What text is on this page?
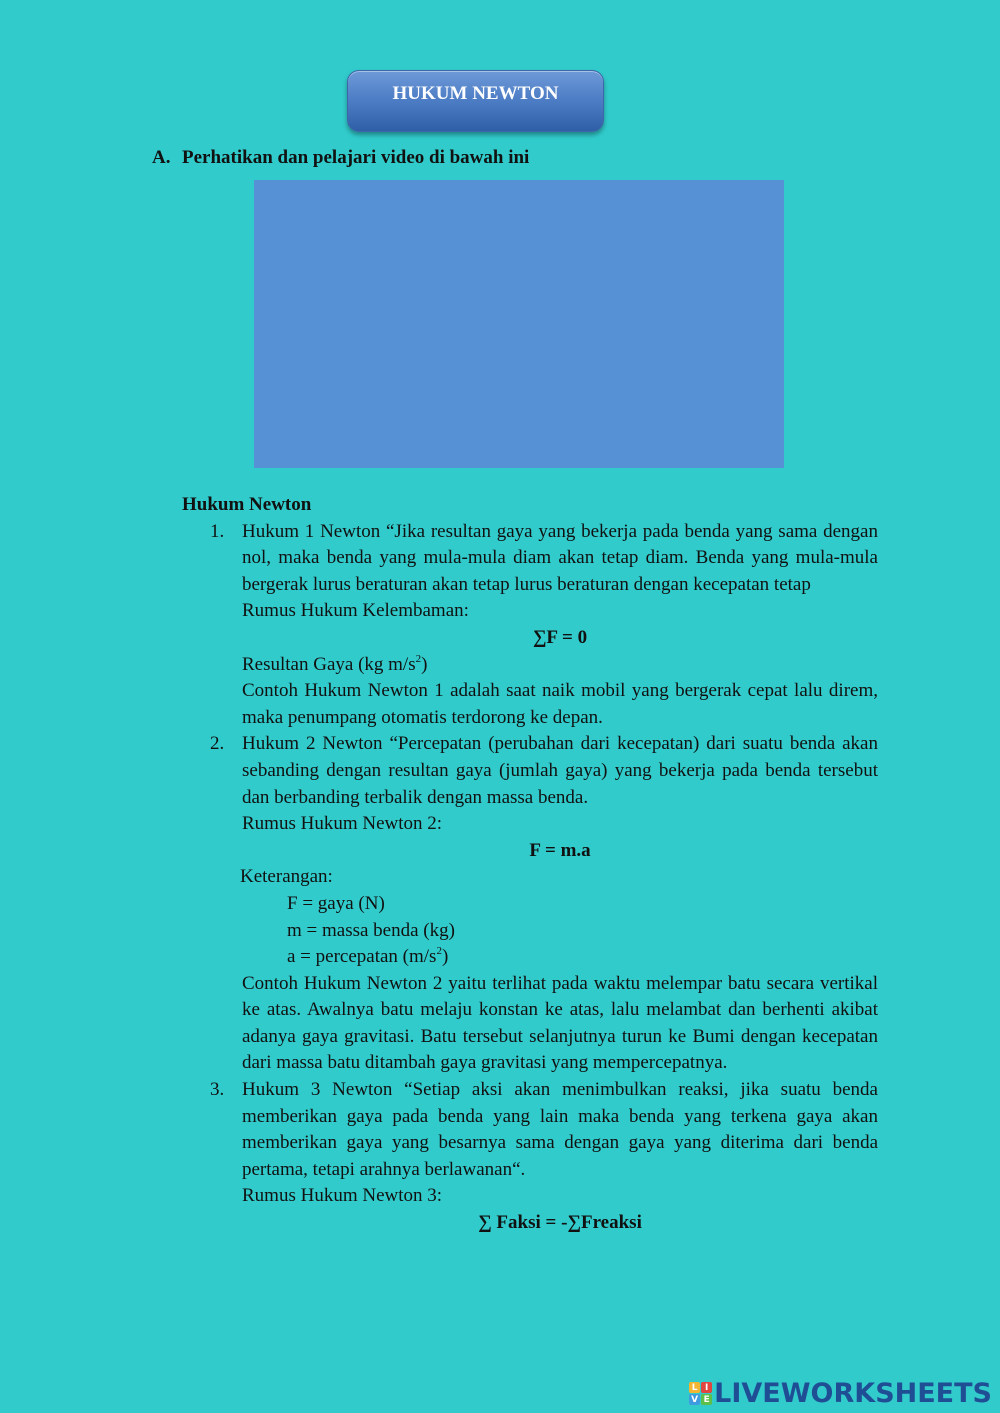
HUKUM NEWTON
A. Perhatikan dan pelajari video di bawah ini
Hukum Newton
1. Hukum 1 Newton “Jika resultan gaya yang bekerja pada benda yang sama dengan nol, maka benda yang mula-mula diam akan tetap diam. Benda yang mula-mula bergerak lurus beraturan akan tetap lurus beraturan dengan kecepatan tetap
Rumus Hukum Kelembaman:
∑F = 0
Resultan Gaya (kg $m/s^2$)
Contoh Hukum Newton 1 adalah saat naik mobil yang bergerak cepat lalu direm, maka penumpang otomatis terdorong ke depan.
2. Hukum 2 Newton “Percepatan (perubahan dari kecepatan) dari suatu benda akan sebanding dengan resultan gaya (jumlah gaya) yang bekerja pada benda tersebut dan berbanding terbalik dengan massa benda.
Rumus Hukum Newton 2:
F = m.a
Keterangan:
F = gaya (N)
m = massa benda (kg)
a = percepatan $(m/s^2)$
Contoh Hukum Newton 2 yaitu terlihat pada waktu melempar batu secara vertikal ke atas. Awalnya batu melaju konstan ke atas, lalu melambat dan berhenti akibat adanya gaya gravitasi. Batu tersebut selanjutnya turun ke Bumi dengan kecepatan dari massa batu ditambah gaya gravitasi yang mempercepatnya.
3. Hukum 3 Newton “Setiap aksi akan menimbulkan reaksi, jika suatu benda memberikan gaya pada benda yang lain maka benda yang terkena gaya akan memberikan gaya yang besarnya sama dengan gaya yang diterima dari benda pertama, tetapi arahnya berlawanan“.
Rumus Hukum Newton 3:
∑ Faksi = -∑Freaksi
L I
V E LIVEWORKSHEETS
